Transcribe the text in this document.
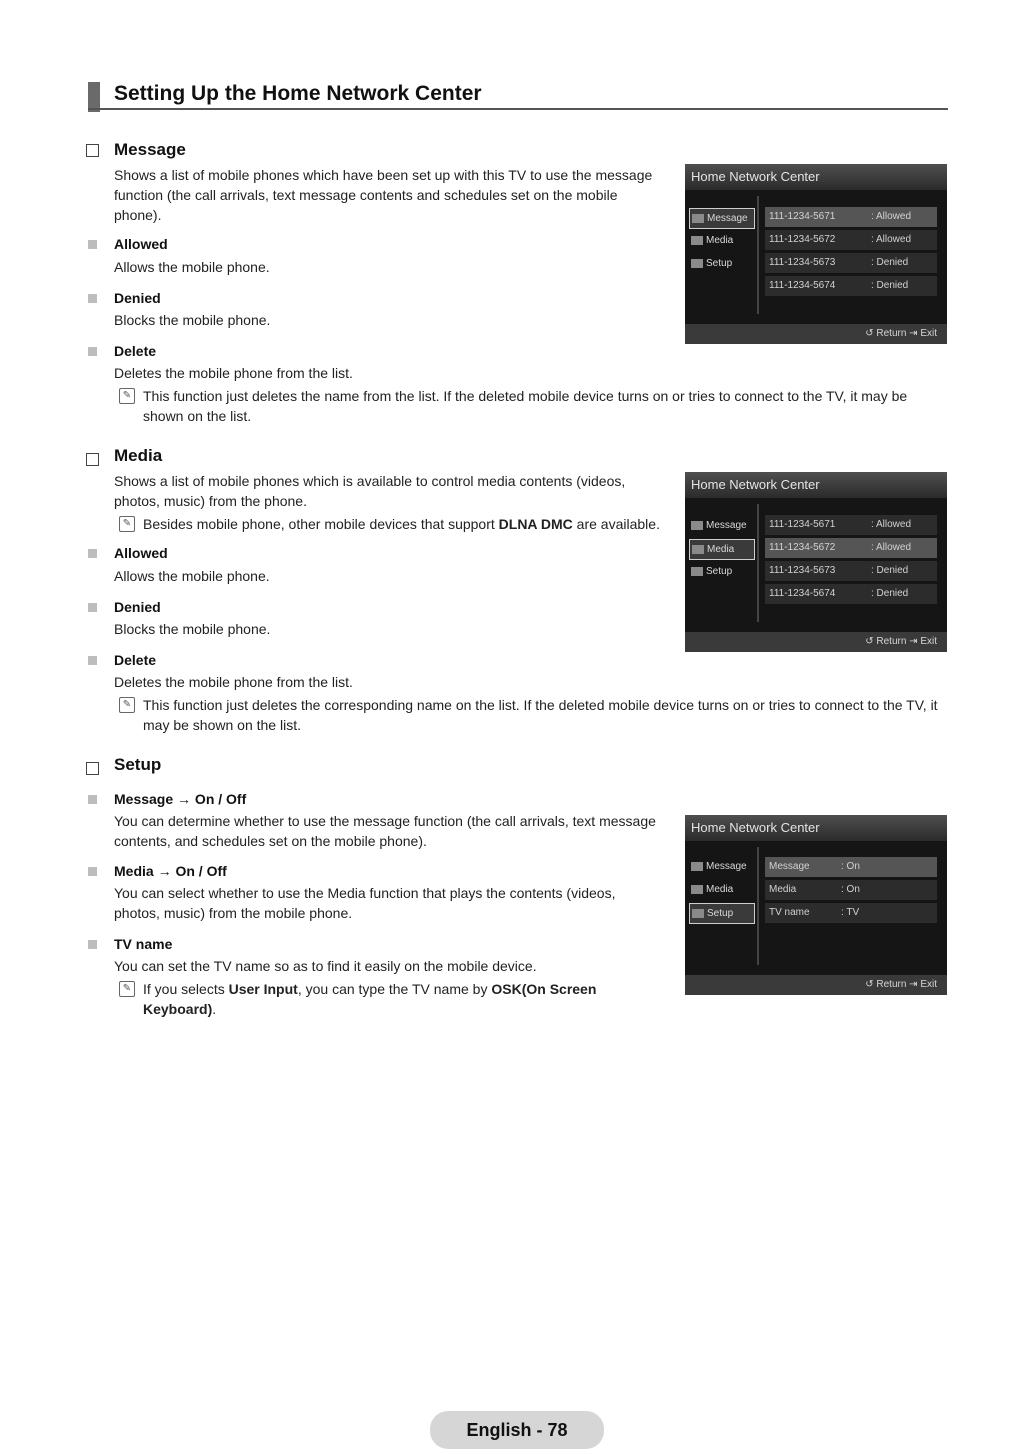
Setting Up the Home Network Center
Message
Shows a list of mobile phones which have been set up with this TV to use the message function (the call arrivals, text message contents and schedules set on the mobile phone).
Allowed
Allows the mobile phone.
Denied
Blocks the mobile phone.
Delete
Deletes the mobile phone from the list.
✎ This function just deletes the name from the list. If the deleted mobile device turns on or tries to connect to the TV, it may be shown on the list.
Home Network Center
Message
Media
Setup
111-1234-5671	: Allowed
111-1234-5672	: Allowed
111-1234-5673	: Denied
111-1234-5674	: Denied
↺ Return ⇥ Exit
Media
Shows a list of mobile phones which is available to control media contents (videos, photos, music) from the phone.
✎ Besides mobile phone, other mobile devices that support DLNA DMC are available.
Allowed
Allows the mobile phone.
Denied
Blocks the mobile phone.
Delete
Deletes the mobile phone from the list.
✎ This function just deletes the corresponding name on the list. If the deleted mobile device turns on or tries to connect to the TV, it may be shown on the list.
Home Network Center
Message
Media
Setup
111-1234-5671	: Allowed
111-1234-5672	: Allowed
111-1234-5673	: Denied
111-1234-5674	: Denied
↺ Return ⇥ Exit
Setup
Message → On / Off
You can determine whether to use the message function (the call arrivals, text message contents, and schedules set on the mobile phone).
Media → On / Off
You can select whether to use the Media function that plays the contents (videos, photos, music) from the mobile phone.
TV name
You can set the TV name so as to find it easily on the mobile device.
✎ If you selects User Input, you can type the TV name by OSK(On Screen Keyboard).
Home Network Center
Message
Media
Setup
Message	: On
Media	: On
TV name	: TV
↺ Return ⇥ Exit
English - 78
